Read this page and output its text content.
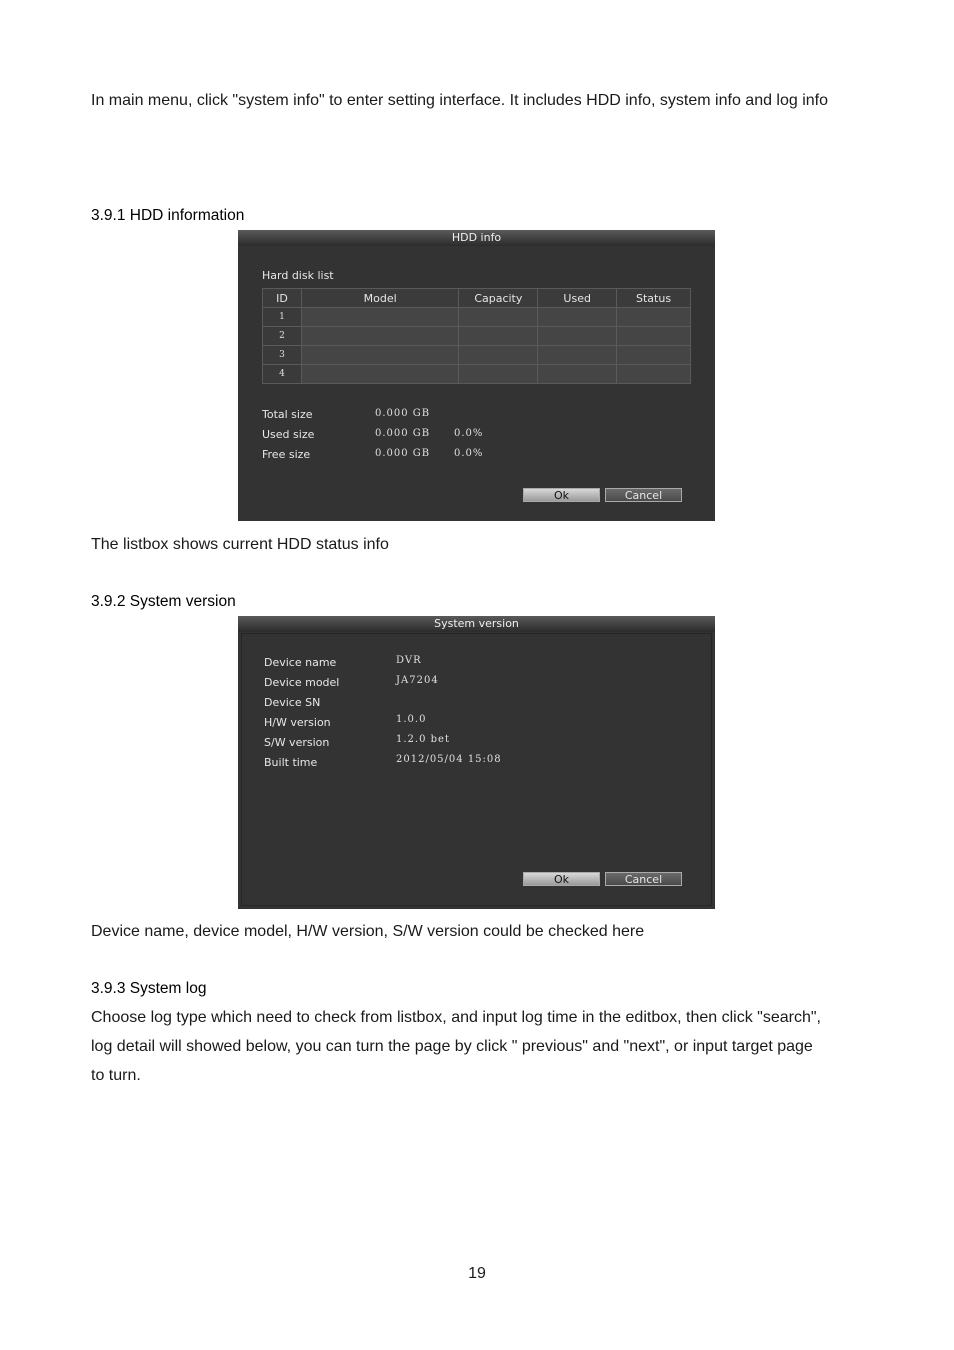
In main menu, click "system info" to enter setting interface. It includes HDD info, system info and log info

3.9.1 HDD information

HDD info
Hard disk list
ID	Model	Capacity	Used	Status
1				
2				
3				
4				
Total size	0.000 GB
Used size	0.000 GB 0.0%
Free size	0.000 GB 0.0%
Ok	Cancel

The listbox shows current HDD status info

3.9.2 System version

System version
Device name	DVR
Device model	JA7204
Device SN
H/W version	1.0.0
S/W version	1.2.0 bet
Built time	2012/05/04 15:08
Ok	Cancel

Device name, device model, H/W version, S/W version could be checked here

3.9.3 System log

Choose log type which need to check from listbox, and input log time in the editbox, then click "search",

log detail will showed below, you can turn the page by click " previous" and "next", or input target page

to turn.

19
